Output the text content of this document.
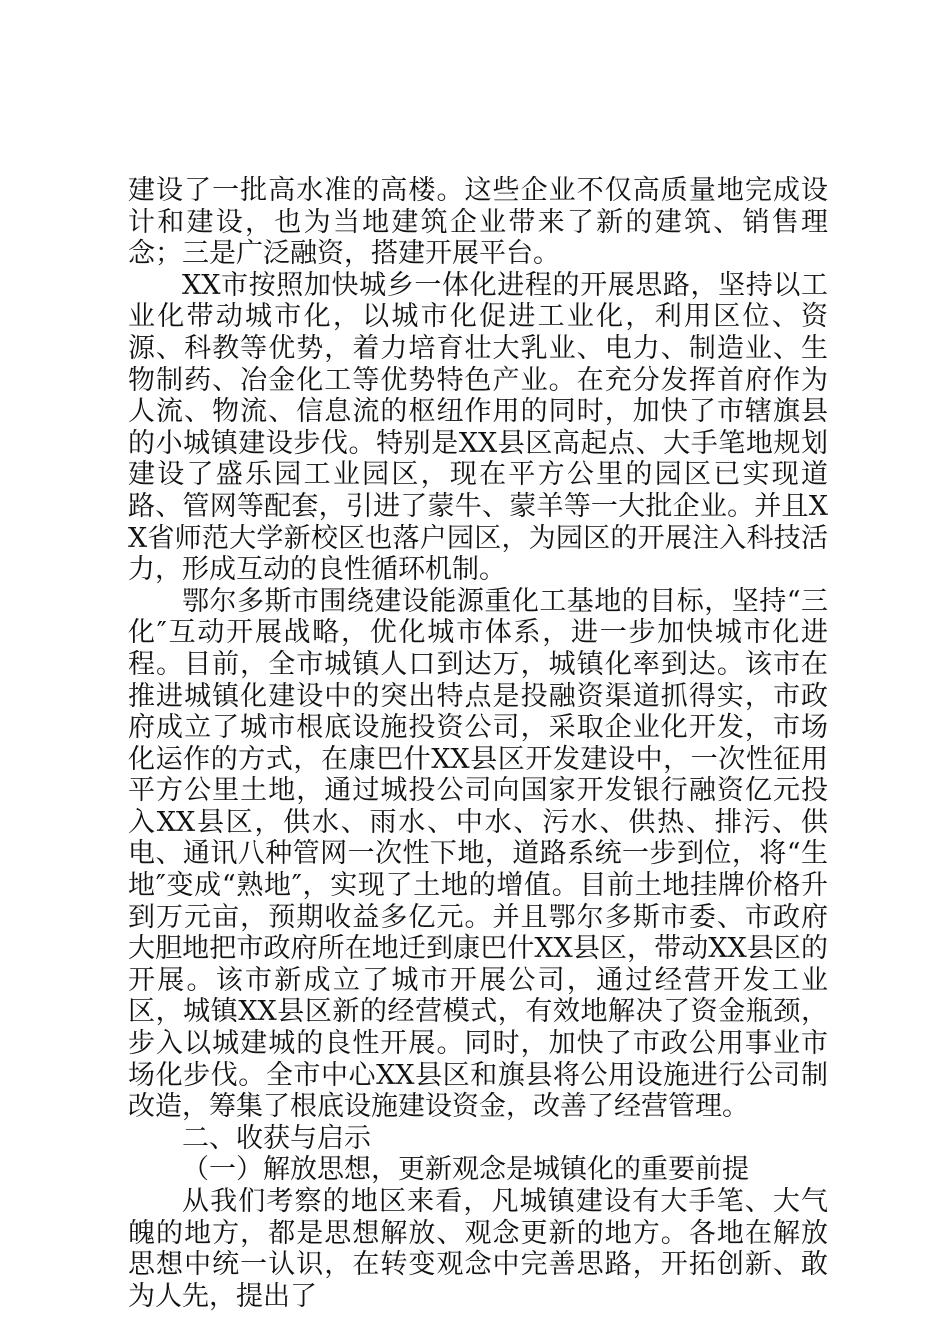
建设了一批高水准的高楼。这些企业不仅高质量地完成设计和建设，也为当地建筑企业带来了新的建筑、销售理念；三是广泛融资，搭建开展平台。

XX市按照加快城乡一体化进程的开展思路，坚持以工业化带动城市化，以城市化促进工业化，利用区位、资源、科教等优势，着力培育壮大乳业、电力、制造业、生物制药、冶金化工等优势特色产业。在充分发挥首府作为人流、物流、信息流的枢纽作用的同时，加快了市辖旗县的小城镇建设步伐。特别是XX县区高起点、大手笔地规划建设了盛乐园工业园区，现在平方公里的园区已实现道路、管网等配套，引进了蒙牛、蒙羊等一大批企业。并且XX省师范大学新校区也落户园区，为园区的开展注入科技活力，形成互动的良性循环机制。

鄂尔多斯市围绕建设能源重化工基地的目标，坚持“三化″互动开展战略，优化城市体系，进一步加快城市化进程。目前，全市城镇人口到达万，城镇化率到达。该市在推进城镇化建设中的突出特点是投融资渠道抓得实，市政府成立了城市根底设施投资公司，采取企业化开发，市场化运作的方式，在康巴什XX县区开发建设中，一次性征用平方公里土地，通过城投公司向国家开发银行融资亿元投入XX县区，供水、雨水、中水、污水、供热、排污、供电、通讯八种管网一次性下地，道路系统一步到位，将“生地″变成“熟地″，实现了土地的增值。目前土地挂牌价格升到万元亩，预期收益多亿元。并且鄂尔多斯市委、市政府大胆地把市政府所在地迁到康巴什XX县区，带动XX县区的开展。该市新成立了城市开展公司，通过经营开发工业区，城镇XX县区新的经营模式，有效地解决了资金瓶颈，步入以城建城的良性开展。同时，加快了市政公用事业市场化步伐。全市中心XX县区和旗县将公用设施进行公司制改造，筹集了根底设施建设资金，改善了经营管理。

二、收获与启示

（一）解放思想，更新观念是城镇化的重要前提

从我们考察的地区来看，凡城镇建设有大手笔、大气魄的地方，都是思想解放、观念更新的地方。各地在解放思想中统一认识，在转变观念中完善思路，开拓创新、敢为人先，提出了
